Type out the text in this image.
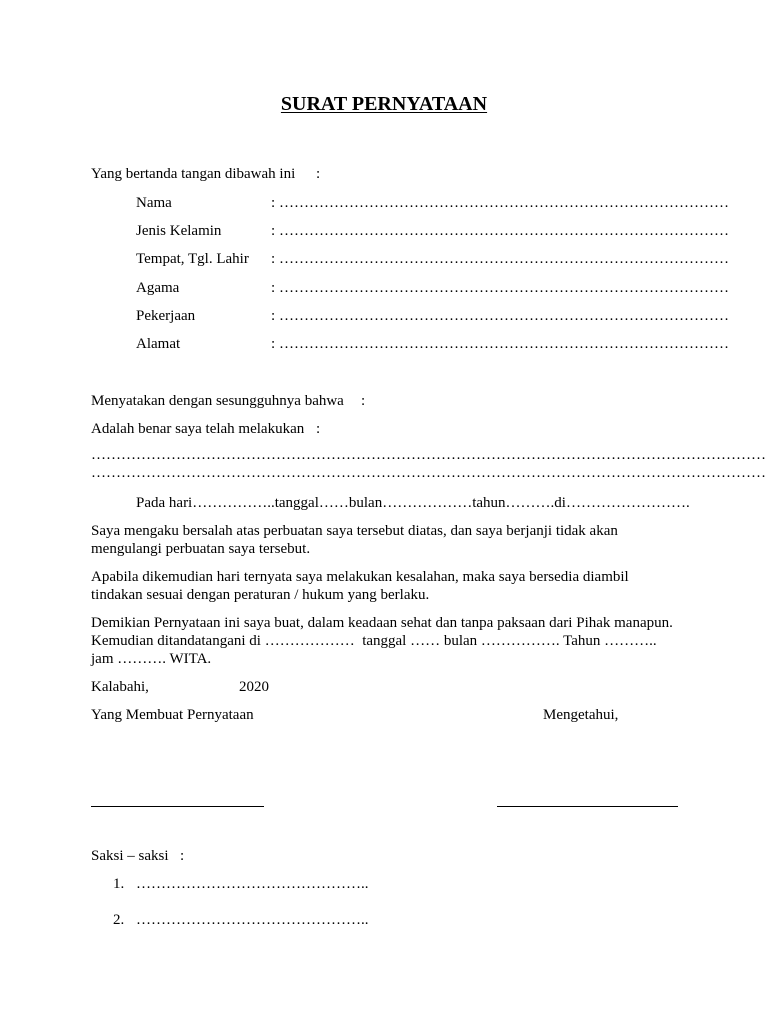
SURAT PERNYATAAN
Yang bertanda tangan dibawah ini :
Nama	: ………………………………………………………………………………
Jenis Kelamin	: ………………………………………………………………………………
Tempat, Tgl. Lahir : ………………………………………………………………………………
Agama	: ………………………………………………………………………………
Pekerjaan	: ………………………………………………………………………………
Alamat	: ………………………………………………………………………………
Menyatakan dengan sesungguhnya bahwa :
Adalah benar saya telah melakukan :
………………………………………………………………………………………………………………………
………………………………………………………………………………………………………………………
Pada hari……………..tanggal……bulan………………tahun……….di…………………….
Saya mengaku bersalah atas perbuatan saya tersebut diatas, dan saya berjanji tidak akan
mengulangi perbuatan saya tersebut.
Apabila dikemudian hari ternyata saya melakukan kesalahan, maka saya bersedia diambil
tindakan sesuai dengan peraturan / hukum yang berlaku.
Demikian Pernyataan ini saya buat, dalam keadaan sehat dan tanpa paksaan dari Pihak manapun.
Kemudian ditandatangani di ………………  tanggal …… bulan ……………. Tahun ………..
jam ………. WITA.
Kalabahi,	2020
Yang Membuat Pernyataan	Mengetahui,
Saksi – saksi :
1. ………………………………………..
2. ………………………………………..
